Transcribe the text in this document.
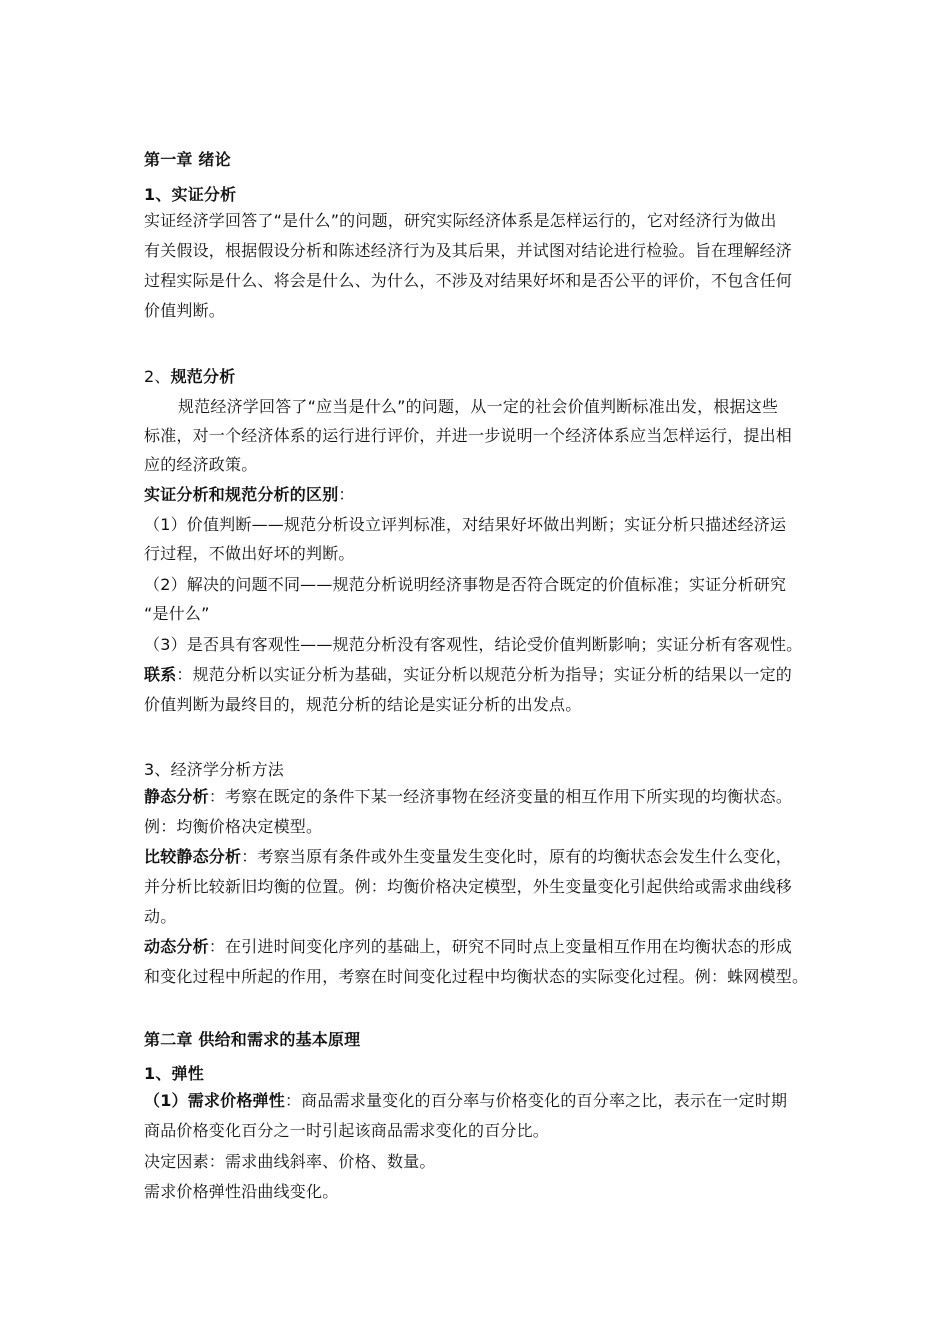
第一章 绪论
1、实证分析
实证经济学回答了“是什么”的问题，研究实际经济体系是怎样运行的，它对经济行为做出
有关假设，根据假设分析和陈述经济行为及其后果，并试图对结论进行检验。旨在理解经济
过程实际是什么、将会是什么、为什么，不涉及对结果好坏和是否公平的评价，不包含任何
价值判断。
2、规范分析
规范经济学回答了“应当是什么”的问题，从一定的社会价值判断标准出发，根据这些
标准，对一个经济体系的运行进行评价，并进一步说明一个经济体系应当怎样运行，提出相
应的经济政策。
实证分析和规范分析的区别：
（1）价值判断——规范分析设立评判标准，对结果好坏做出判断；实证分析只描述经济运
行过程，不做出好坏的判断。
（2）解决的问题不同——规范分析说明经济事物是否符合既定的价值标准；实证分析研究
“是什么”
（3）是否具有客观性——规范分析没有客观性，结论受价值判断影响；实证分析有客观性。
联系：规范分析以实证分析为基础，实证分析以规范分析为指导；实证分析的结果以一定的
价值判断为最终目的，规范分析的结论是实证分析的出发点。
3、经济学分析方法
静态分析：考察在既定的条件下某一经济事物在经济变量的相互作用下所实现的均衡状态。
例：均衡价格决定模型。
比较静态分析：考察当原有条件或外生变量发生变化时，原有的均衡状态会发生什么变化，
并分析比较新旧均衡的位置。例：均衡价格决定模型，外生变量变化引起供给或需求曲线移
动。
动态分析：在引进时间变化序列的基础上，研究不同时点上变量相互作用在均衡状态的形成
和变化过程中所起的作用，考察在时间变化过程中均衡状态的实际变化过程。例：蛛网模型。
第二章 供给和需求的基本原理
1、弹性
（1）需求价格弹性：商品需求量变化的百分率与价格变化的百分率之比，表示在一定时期
商品价格变化百分之一时引起该商品需求变化的百分比。
决定因素：需求曲线斜率、价格、数量。
需求价格弹性沿曲线变化。
